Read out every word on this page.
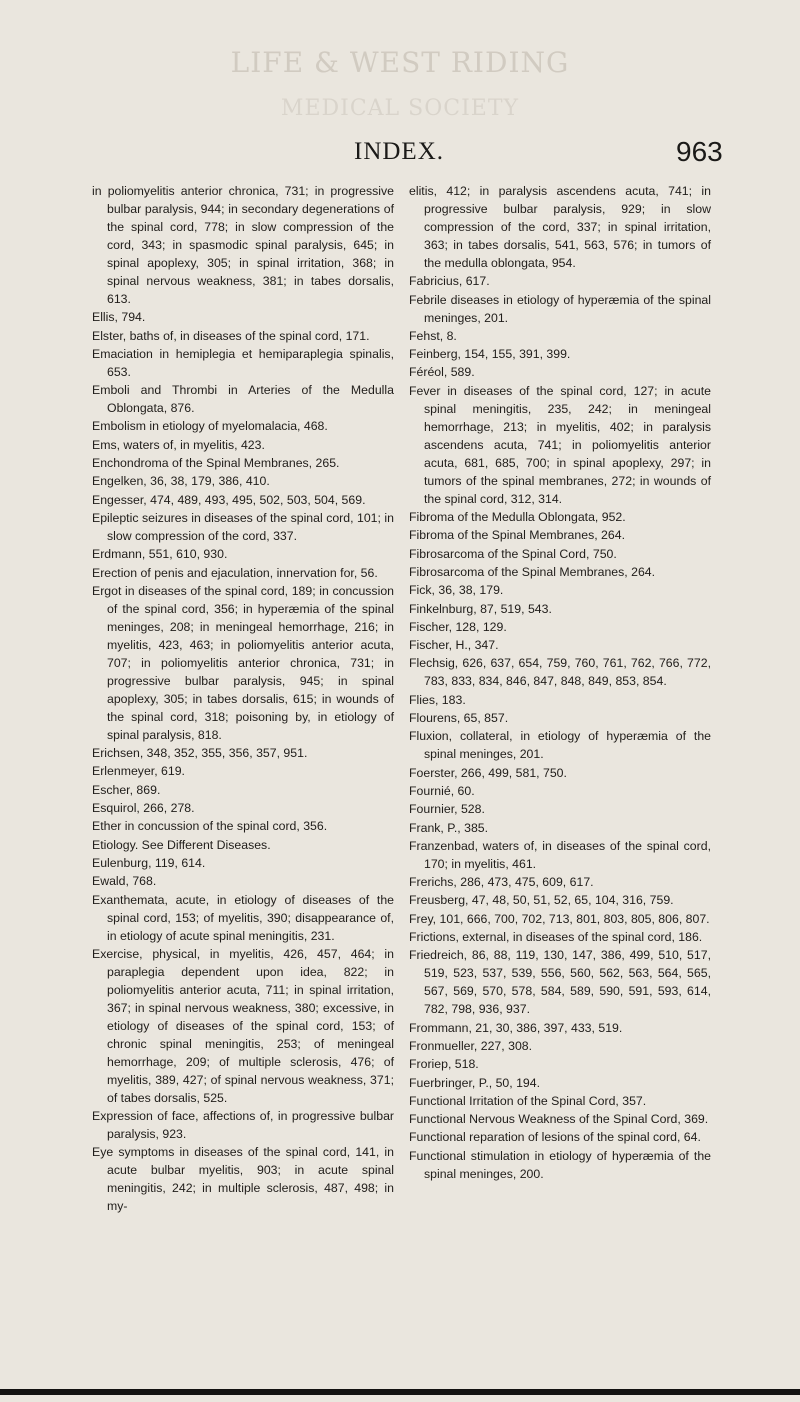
LIFE & WEST RIDING
MEDICAL SOCIETY
INDEX.	963

in poliomyelitis anterior chronica, 731; in progressive bulbar paralysis, 944; in secondary degenerations of the spinal cord, 778; in slow compression of the cord, 343; in spasmodic spinal paralysis, 645; in spinal apoplexy, 305; in spinal irritation, 368; in spinal nervous weakness, 381; in tabes dorsalis, 613.

Ellis, 794.

Elster, baths of, in diseases of the spinal cord, 171.

Emaciation in hemiplegia et hemiparaplegia spinalis, 653.

Emboli and Thrombi in Arteries of the Medulla Oblongata, 876.

Embolism in etiology of myelomalacia, 468.

Ems, waters of, in myelitis, 423.

Enchondroma of the Spinal Membranes, 265.

Engelken, 36, 38, 179, 386, 410.

Engesser, 474, 489, 493, 495, 502, 503, 504, 569.

Epileptic seizures in diseases of the spinal cord, 101; in slow compression of the cord, 337.

Erdmann, 551, 610, 930.

Erection of penis and ejaculation, innervation for, 56.

Ergot in diseases of the spinal cord, 189; in concussion of the spinal cord, 356; in hyperæmia of the spinal meninges, 208; in meningeal hemorrhage, 216; in myelitis, 423, 463; in poliomyelitis anterior acuta, 707; in poliomyelitis anterior chronica, 731; in progressive bulbar paralysis, 945; in spinal apoplexy, 305; in tabes dorsalis, 615; in wounds of the spinal cord, 318; poisoning by, in etiology of spinal paralysis, 818.

Erichsen, 348, 352, 355, 356, 357, 951.

Erlenmeyer, 619.

Escher, 869.

Esquirol, 266, 278.

Ether in concussion of the spinal cord, 356.

Etiology. See Different Diseases.

Eulenburg, 119, 614.

Ewald, 768.

Exanthemata, acute, in etiology of diseases of the spinal cord, 153; of myelitis, 390; disappearance of, in etiology of acute spinal meningitis, 231.

Exercise, physical, in myelitis, 426, 457, 464; in paraplegia dependent upon idea, 822; in poliomyelitis anterior acuta, 711; in spinal irritation, 367; in spinal nervous weakness, 380; excessive, in etiology of diseases of the spinal cord, 153; of chronic spinal meningitis, 253; of meningeal hemorrhage, 209; of multiple sclerosis, 476; of myelitis, 389, 427; of spinal nervous weakness, 371; of tabes dorsalis, 525.

Expression of face, affections of, in progressive bulbar paralysis, 923.

Eye symptoms in diseases of the spinal cord, 141, in acute bulbar myelitis, 903; in acute spinal meningitis, 242; in multiple sclerosis, 487, 498; in my-

elitis, 412; in paralysis ascendens acuta, 741; in progressive bulbar paralysis, 929; in slow compression of the cord, 337; in spinal irritation, 363; in tabes dorsalis, 541, 563, 576; in tumors of the medulla oblongata, 954.

Fabricius, 617.

Febrile diseases in etiology of hyperæmia of the spinal meninges, 201.

Fehst, 8.

Feinberg, 154, 155, 391, 399.

Féréol, 589.

Fever in diseases of the spinal cord, 127; in acute spinal meningitis, 235, 242; in meningeal hemorrhage, 213; in myelitis, 402; in paralysis ascendens acuta, 741; in poliomyelitis anterior acuta, 681, 685, 700; in spinal apoplexy, 297; in tumors of the spinal membranes, 272; in wounds of the spinal cord, 312, 314.

Fibroma of the Medulla Oblongata, 952.

Fibroma of the Spinal Membranes, 264.

Fibrosarcoma of the Spinal Cord, 750.

Fibrosarcoma of the Spinal Membranes, 264.

Fick, 36, 38, 179.

Finkelnburg, 87, 519, 543.

Fischer, 128, 129.

Fischer, H., 347.

Flechsig, 626, 637, 654, 759, 760, 761, 762, 766, 772, 783, 833, 834, 846, 847, 848, 849, 853, 854.

Flies, 183.

Flourens, 65, 857.

Fluxion, collateral, in etiology of hyperæmia of the spinal meninges, 201.

Foerster, 266, 499, 581, 750.

Fournié, 60.

Fournier, 528.

Frank, P., 385.

Franzenbad, waters of, in diseases of the spinal cord, 170; in myelitis, 461.

Frerichs, 286, 473, 475, 609, 617.

Freusberg, 47, 48, 50, 51, 52, 65, 104, 316, 759.

Frey, 101, 666, 700, 702, 713, 801, 803, 805, 806, 807.

Frictions, external, in diseases of the spinal cord, 186.

Friedreich, 86, 88, 119, 130, 147, 386, 499, 510, 517, 519, 523, 537, 539, 556, 560, 562, 563, 564, 565, 567, 569, 570, 578, 584, 589, 590, 591, 593, 614, 782, 798, 936, 937.

Frommann, 21, 30, 386, 397, 433, 519.

Fronmueller, 227, 308.

Froriep, 518.

Fuerbringer, P., 50, 194.

Functional Irritation of the Spinal Cord, 357.

Functional Nervous Weakness of the Spinal Cord, 369.

Functional reparation of lesions of the spinal cord, 64.

Functional stimulation in etiology of hyperæmia of the spinal meninges, 200.
